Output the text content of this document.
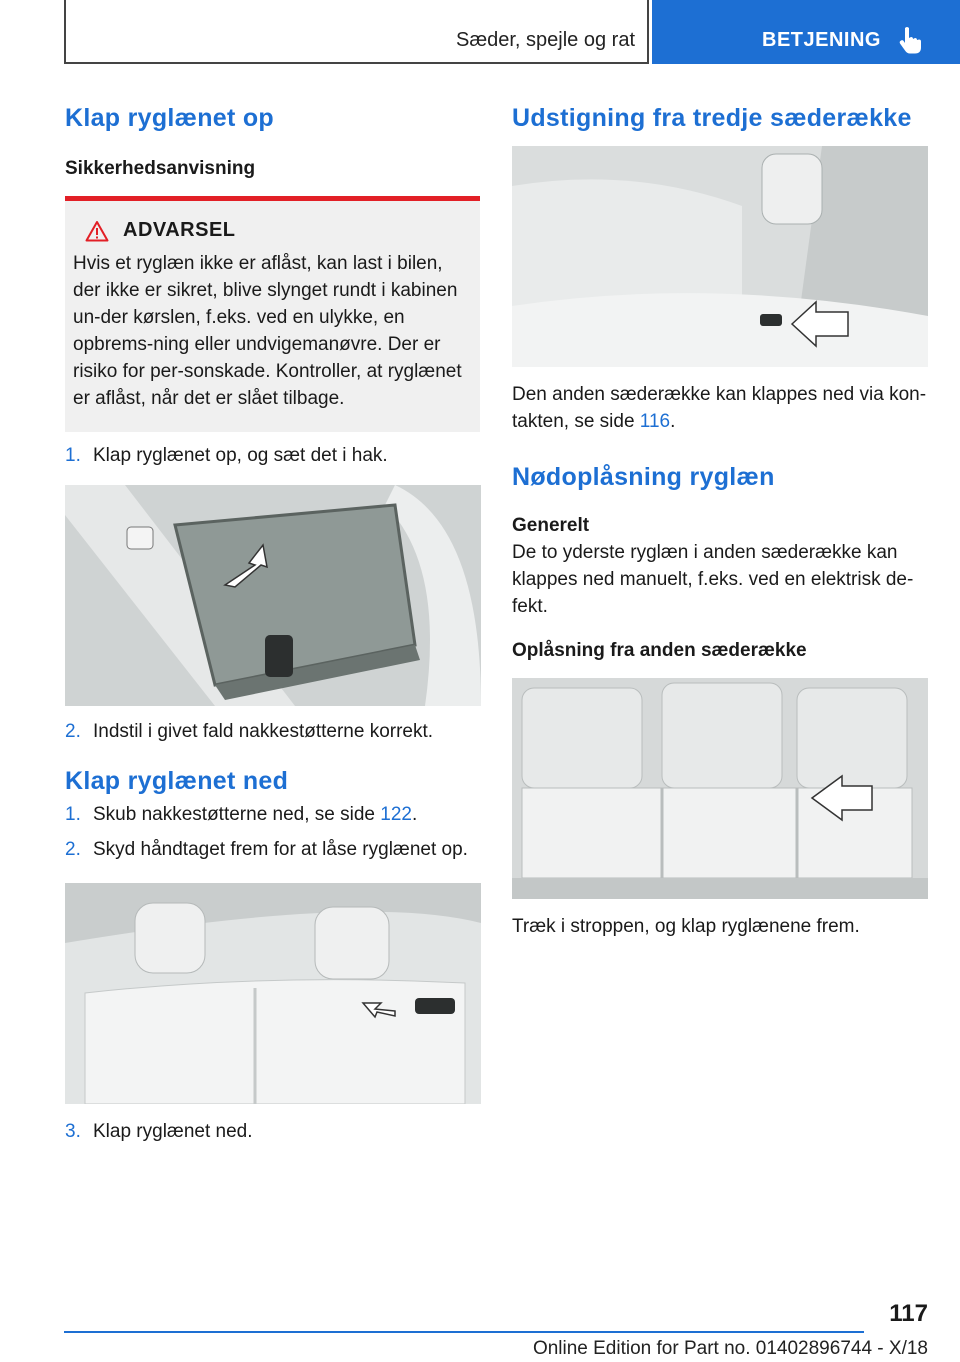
Sæder, spejle og rat	BETJENING
Klap ryglænet op
Sikkerhedsanvisning
ADVARSEL
Hvis et ryglæn ikke er aflåst, kan last i bilen, der ikke er sikret, blive slynget rundt i kabinen un-der kørslen, f.eks. ved en ulykke, en opbrems-ning eller undvigemanøvre. Der er risiko for per-sonskade. Kontroller, at ryglænet er aflåst, når det er slået tilbage.
1. Klap ryglænet op, og sæt det i hak.
2. Indstil i givet fald nakkestøtterne korrekt.
Klap ryglænet ned
1. Skub nakkestøtterne ned, se side 122.
2. Skyd håndtaget frem for at låse ryglænet op.
3. Klap ryglænet ned.
Udstigning fra tredje sæderække

Den anden sæderække kan klappes ned via kon-takten, se side 116.

Nødoplåsning ryglæn
Generelt

De to yderste ryglæn i anden sæderække kan klappes ned manuelt, f.eks. ved en elektrisk de-fekt.

Oplåsning fra anden sæderække

Træk i stroppen, og klap ryglænene frem.

117
Online Edition for Part no. 01402896744 - X/18
